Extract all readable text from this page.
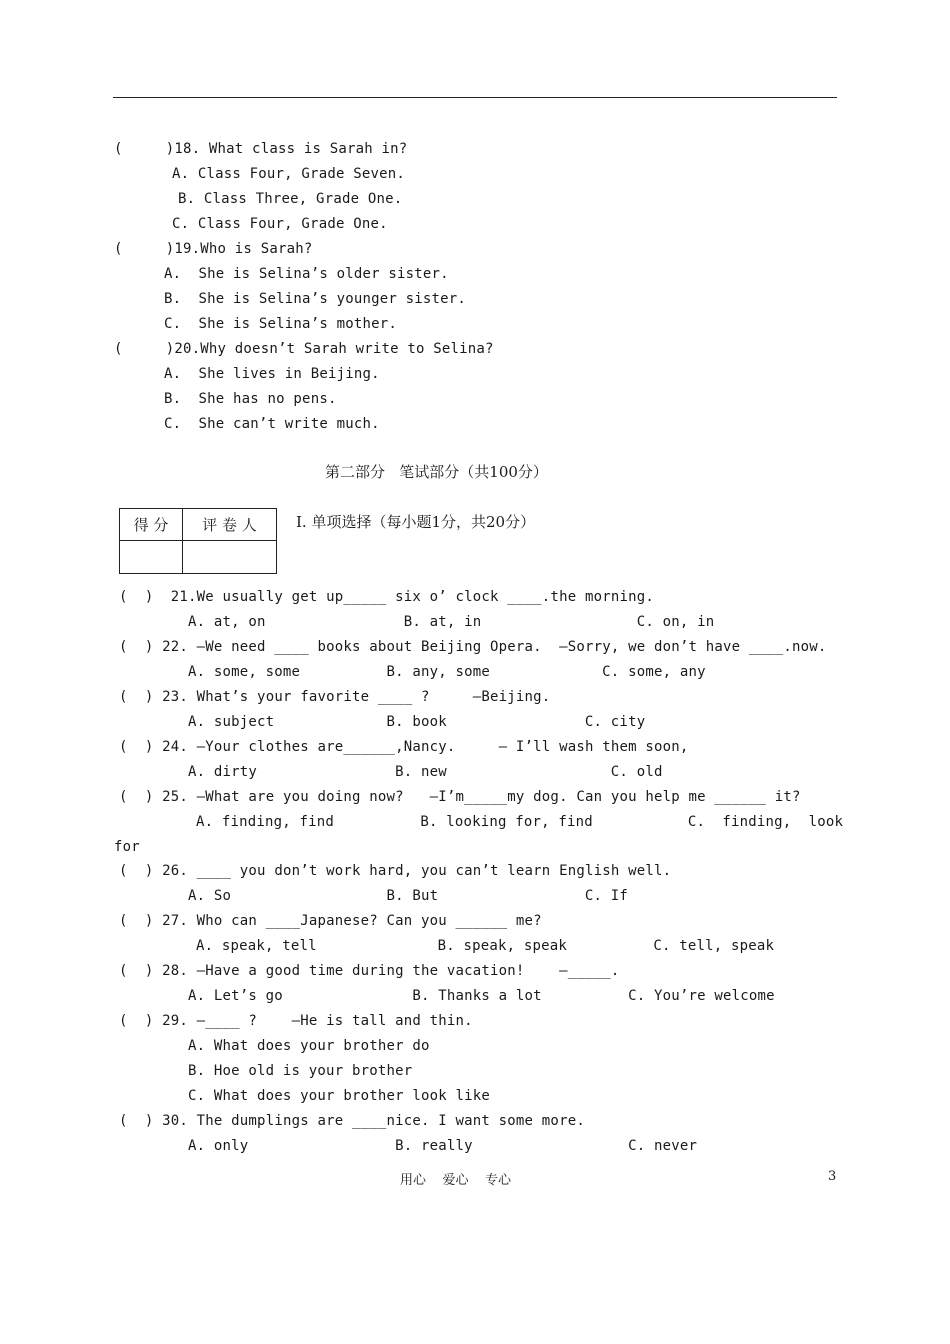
(     )18. What class is Sarah in?
A. Class Four, Grade Seven.
B. Class Three, Grade One.
C. Class Four, Grade One.
(     )19.Who is Sarah?
A.  She is Selina’s older sister.
B.  She is Selina’s younger sister.
C.  She is Selina’s mother.
(     )20.Why doesn’t Sarah write to Selina?
A.  She lives in Beijing.
B.  She has no pens.
C.  She can’t write much.
第二部分   笔试部分（共100分）
得 分	评 卷 人
		Ⅰ. 单项选择（每小题1分，共20分）
(  )  21.We usually get up_____ six o’ clock ____.the morning.
A. at, on                B. at, in                  C. on, in
(  ) 22. —We need ____ books about Beijing Opera.  —Sorry, we don’t have ____.now.
A. some, some          B. any, some             C. some, any
(  ) 23. What’s your favorite ____ ?     —Beijing.
A. subject             B. book                C. city
(  ) 24. —Your clothes are______,Nancy.     — I’ll wash them soon,
A. dirty                B. new                   C. old
(  ) 25. —What are you doing now?   —I’m_____my dog. Can you help me ______ it?
A. finding, find          B. looking for, find           C.  finding,  look
for
(  ) 26. ____ you don’t work hard, you can’t learn English well.
A. So                  B. But                 C. If
(  ) 27. Who can ____Japanese? Can you ______ me?
A. speak, tell              B. speak, speak          C. tell, speak
(  ) 28. —Have a good time during the vacation!    —_____.
A. Let’s go               B. Thanks a lot          C. You’re welcome
(  ) 29. —____ ?    —He is tall and thin.
A. What does your brother do
B. Hoe old is your brother
C. What does your brother look like
(  ) 30. The dumplings are ____nice. I want some more.
A. only                 B. really                  C. never
用心    爱心    专心	3
